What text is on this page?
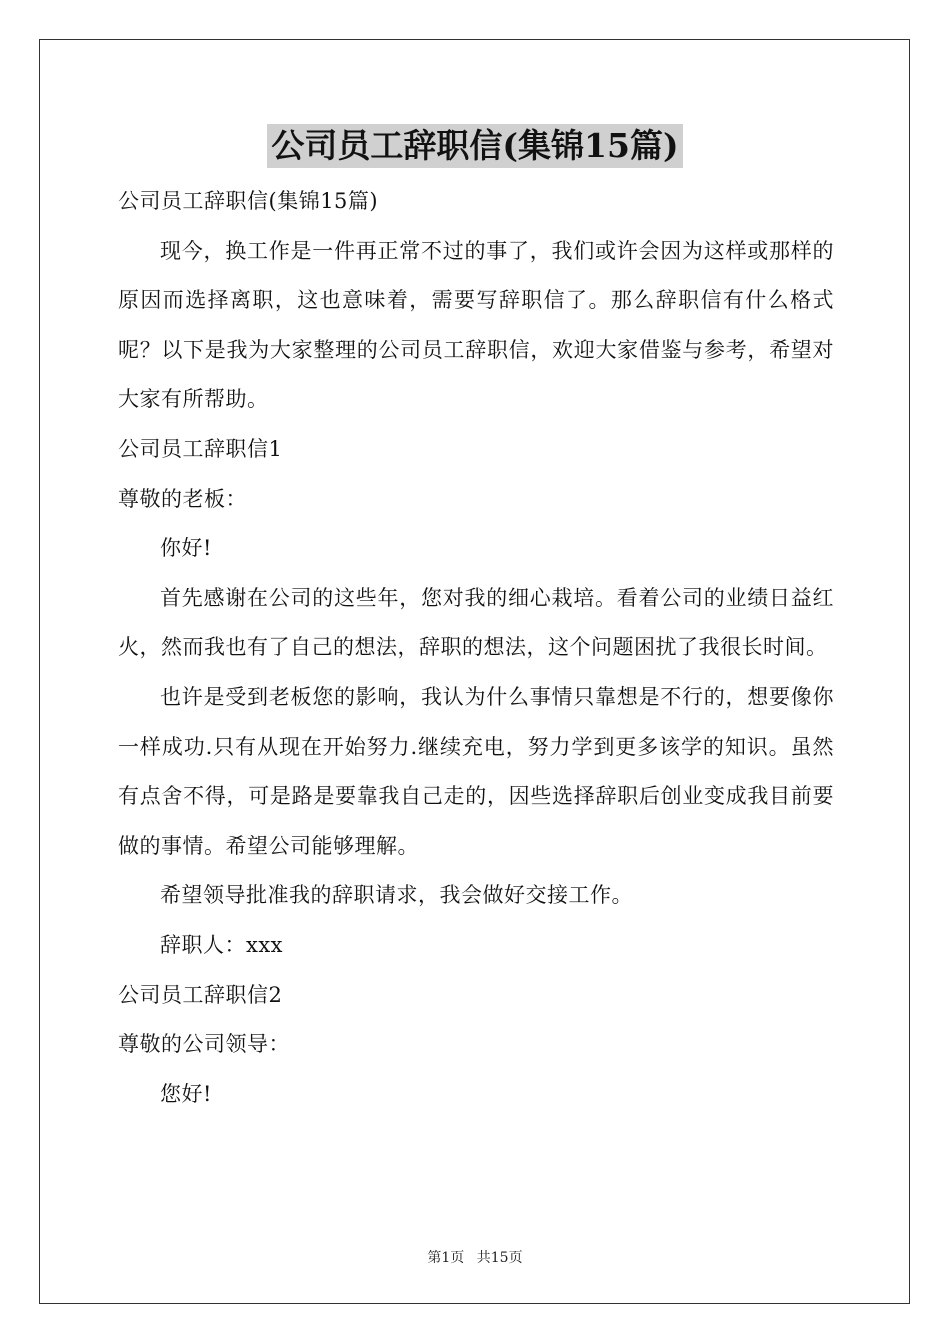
公司员工辞职信(集锦15篇)
公司员工辞职信(集锦15篇)
现今，换工作是一件再正常不过的事了，我们或许会因为这样或那样的原因而选择离职，这也意味着，需要写辞职信了。那么辞职信有什么格式呢？以下是我为大家整理的公司员工辞职信，欢迎大家借鉴与参考，希望对大家有所帮助。
公司员工辞职信1
尊敬的老板：
你好!
首先感谢在公司的这些年，您对我的细心栽培。看着公司的业绩日益红火，然而我也有了自己的想法，辞职的想法，这个问题困扰了我很长时间。
也许是受到老板您的影响，我认为什么事情只靠想是不行的，想要像你一样成功.只有从现在开始努力.继续充电，努力学到更多该学的知识。虽然有点舍不得，可是路是要靠我自己走的，因些选择辞职后创业变成我目前要做的事情。希望公司能够理解。
希望领导批准我的辞职请求，我会做好交接工作。
辞职人：xxx
公司员工辞职信2
尊敬的公司领导：
您好!
第1页 共15页
